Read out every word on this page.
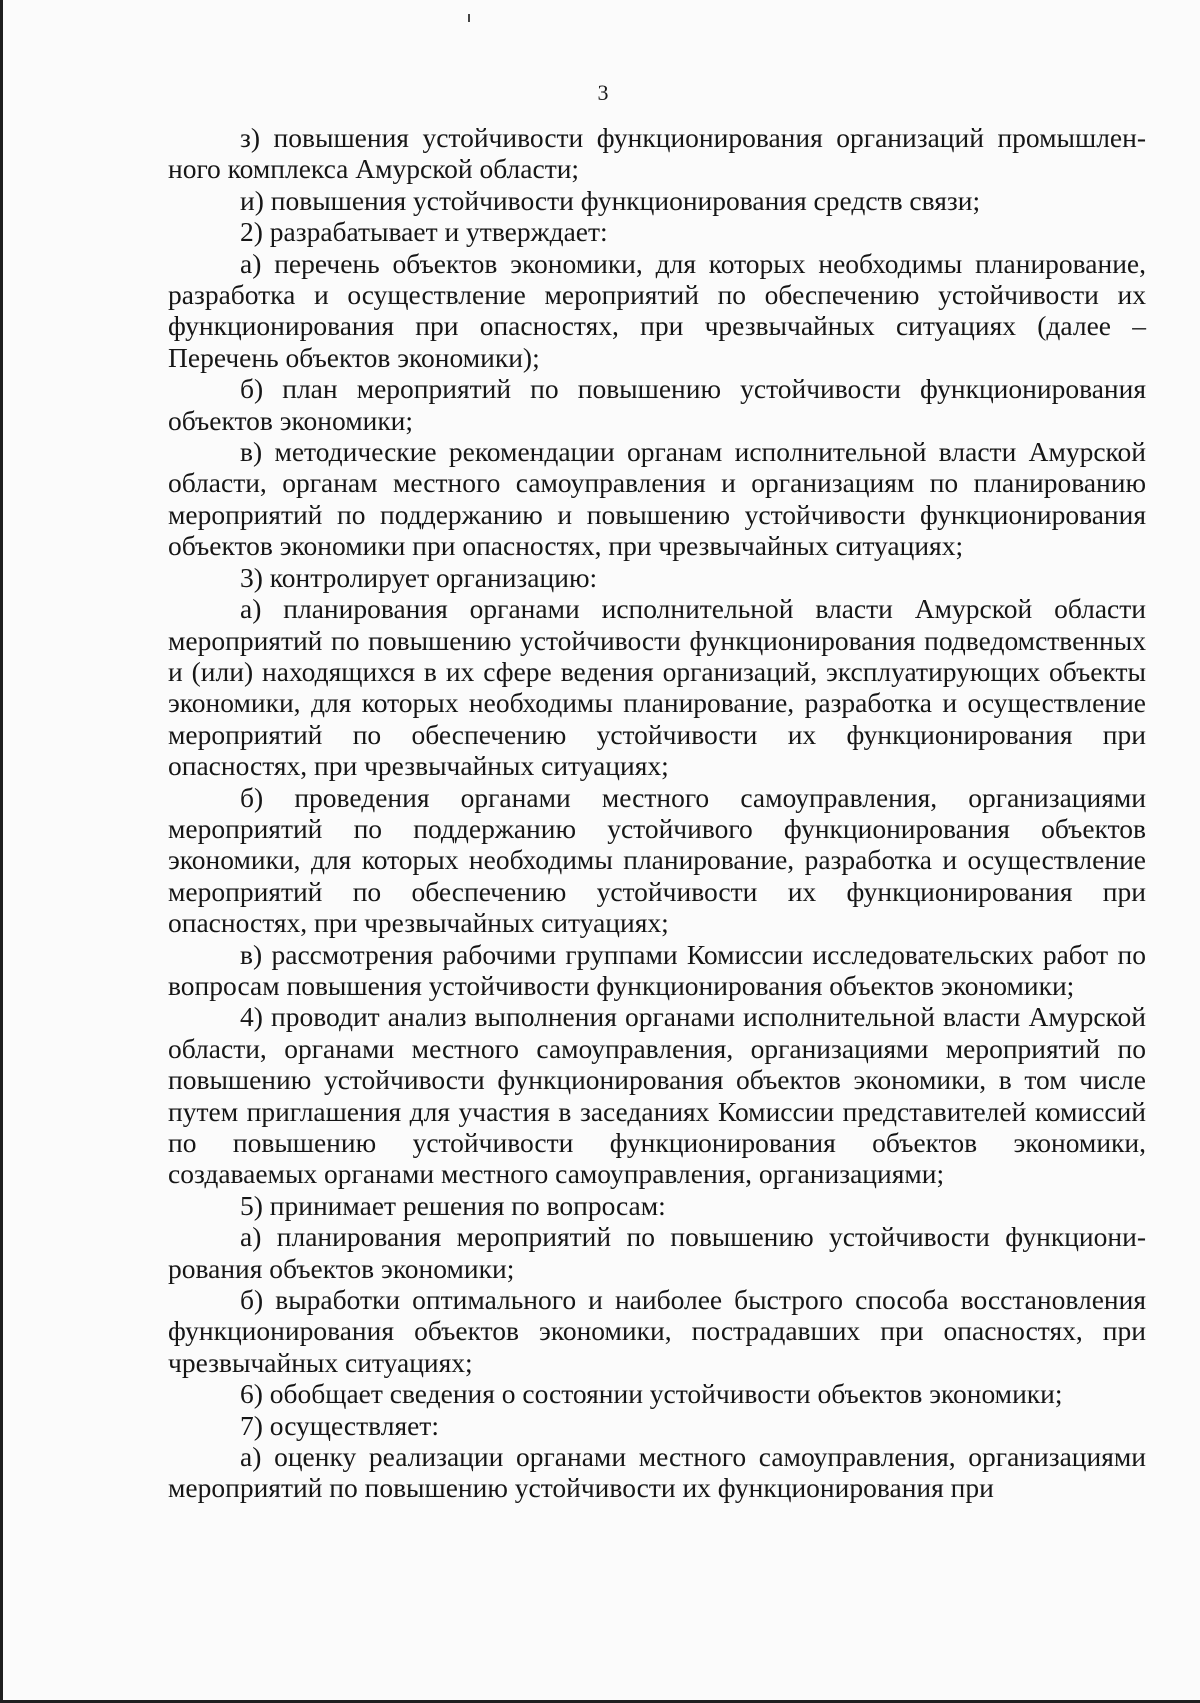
3

з) повышения устойчивости функционирования организаций промышлен-ного комплекса Амурской области;

и) повышения устойчивости функционирования средств связи;

2) разрабатывает и утверждает:

а) перечень объектов экономики, для которых необходимы планирование, разработка и осуществление мероприятий по обеспечению устойчивости их функционирования при опасностях, при чрезвычайных ситуациях (далее – Перечень объектов экономики);

б) план мероприятий по повышению устойчивости функционирования объектов экономики;

в) методические рекомендации органам исполнительной власти Амурской области, органам местного самоуправления и организациям по планированию мероприятий по поддержанию и повышению устойчивости функционирования объектов экономики при опасностях, при чрезвычайных ситуациях;

3) контролирует организацию:

а) планирования органами исполнительной власти Амурской области мероприятий по повышению устойчивости функционирования подведомственных и (или) находящихся в их сфере ведения организаций, эксплуатирующих объекты экономики, для которых необходимы планирование, разработка и осуществление мероприятий по обеспечению устойчивости их функционирования при опасностях, при чрезвычайных ситуациях;

б) проведения органами местного самоуправления, организациями мероприятий по поддержанию устойчивого функционирования объектов экономики, для которых необходимы планирование, разработка и осуществление мероприятий по обеспечению устойчивости их функционирования при опасностях, при чрезвычайных ситуациях;

в) рассмотрения рабочими группами Комиссии исследовательских работ по вопросам повышения устойчивости функционирования объектов экономики;

4) проводит анализ выполнения органами исполнительной власти Амурской области, органами местного самоуправления, организациями мероприятий по повышению устойчивости функционирования объектов экономики, в том числе путем приглашения для участия в заседаниях Комиссии представителей комиссий по повышению устойчивости функционирования объектов экономики, создаваемых органами местного самоуправления, организациями;

5) принимает решения по вопросам:

а) планирования мероприятий по повышению устойчивости функциони-рования объектов экономики;

б) выработки оптимального и наиболее быстрого способа восстановления функционирования объектов экономики, пострадавших при опасностях, при чрезвычайных ситуациях;

6) обобщает сведения о состоянии устойчивости объектов экономики;

7) осуществляет:

а) оценку реализации органами местного самоуправления, организациями мероприятий по повышению устойчивости их функционирования при
